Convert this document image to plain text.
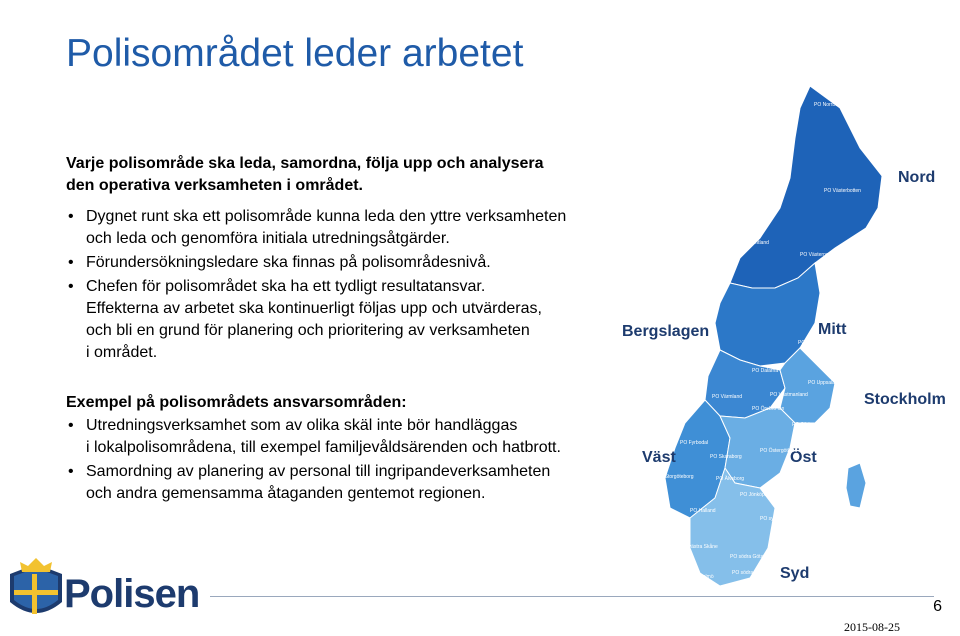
Polisområdet leder arbetet

Varje polisområde ska leda, samordna, följa upp och analysera
den operativa verksamheten i området.

• Dygnet runt ska ett polisområde kunna leda den yttre verksamheten
och leda och genomföra initiala utredningsåtgärder.
• Förundersökningsledare ska finnas på polisområdesnivå.
• Chefen för polisområdet ska ha ett tydligt resultatansvar.
Effekterna av arbetet ska kontinuerligt följas upp och utvärderas,
och bli en grund för planering och prioritering av verksamheten
i området.

Exempel på polisområdets ansvarsområden:

• Utredningsverksamhet som av olika skäl inte bör handläggas
i lokalpolisområdena, till exempel familjevåldsärenden och hatbrott.
• Samordning av planering av personal till ingripandeverksamheten
och andra gemensamma åtaganden gentemot regionen.
Nord
Mitt
Bergslagen
Stockholm
Väst	Öst
Syd
PO Norrbotten
PO Västerbotten
PO Jämtland
PO Västernorrland
PO Gävleborg
PO Dalarna
PO Uppsala
PO Värmland	PO Västmanland
PO Örebro län
PO Södermanland
PO Stockholm nord
PO Stockholm city
PO Stockholm syd
PO Fyrbodal
PO Skaraborg
PO Östergötland
PO Storgöteborg	PO Älvsborg
PO Jönköping
PO Halland
PO Kalmar
PO sydöstra Götaland
PO Gotland (Stockholm)
PO nordvästra Skåne
PO södra Götaland
PO Malmö
PO södra Skåne
Polisen	6
2015-08-25
